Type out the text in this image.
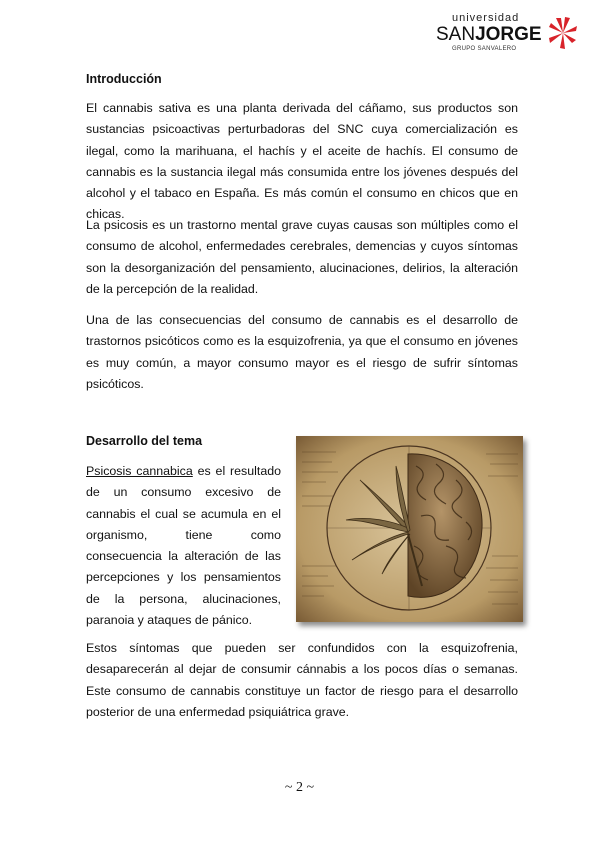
universidad
SANJORGE
GRUPO SANVALERO
Introducción

El cannabis sativa es una planta derivada del cáñamo, sus productos son sustancias psicoactivas perturbadoras del SNC cuya comercialización es ilegal, como la marihuana, el hachís y el aceite de hachís. El consumo de cannabis es la sustancia ilegal más consumida entre los jóvenes después del alcohol y el tabaco en España. Es más común el consumo en chicos que en chicas.

La psicosis es un trastorno mental grave cuyas causas son múltiples como el consumo de alcohol, enfermedades cerebrales, demencias y cuyos síntomas son la desorganización del pensamiento, alucinaciones, delirios, la alteración de la percepción de la realidad.

Una de las consecuencias del consumo de cannabis es el desarrollo de trastornos psicóticos como es la esquizofrenia, ya que el consumo en jóvenes es muy común, a mayor consumo mayor es el riesgo de sufrir síntomas psicóticos.

Desarrollo del tema

Psicosis cannabica es el resultado de un consumo excesivo de cannabis el cual se acumula en el organismo, tiene como consecuencia la alteración de las percepciones y los pensamientos de la persona, alucinaciones, paranoia y ataques de pánico.

Estos síntomas que pueden ser confundidos con la esquizofrenia, desaparecerán al dejar de consumir cánnabis a los pocos días o semanas. Este consumo de cannabis constituye un factor de riesgo para el desarrollo posterior de una enfermedad psiquiátrica grave.

~ 2 ~
